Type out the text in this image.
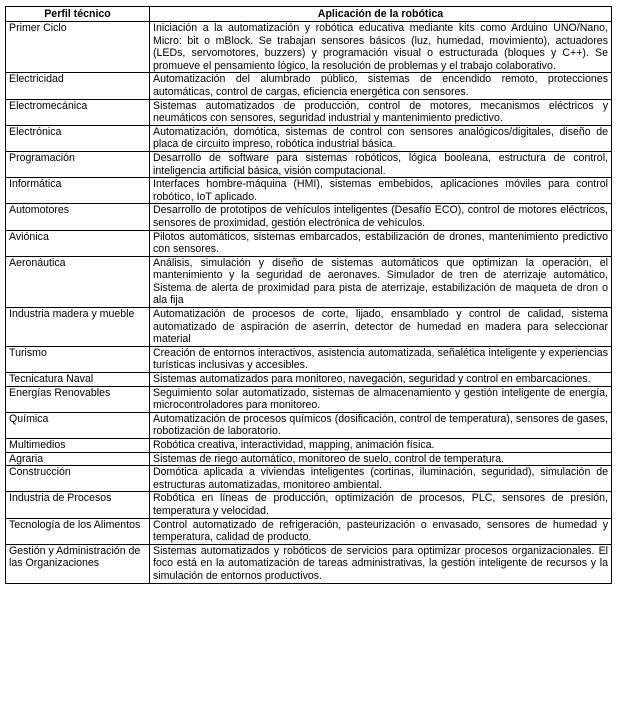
Perfil técnico	Aplicación de la robótica
Primer Ciclo	Iniciación a la automatización y robótica educativa mediante kits como Arduino UNO/Nano, Micro: bit o mBlock. Se trabajan sensores básicos (luz, humedad, movimiento), actuadores (LEDs, servomotores, buzzers) y programación visual o estructurada (bloques y C++). Se promueve el pensamiento lógico, la resolución de problemas y el trabajo colaborativo.
Electricidad	Automatización del alumbrado público, sistemas de encendido remoto, protecciones automáticas, control de cargas, eficiencia energética con sensores.
Electromecánica	Sistemas automatizados de producción, control de motores, mecanismos eléctricos y neumáticos con sensores, seguridad industrial y mantenimiento predictivo.
Electrónica	Automatización, domótica, sistemas de control con sensores analógicos/digitales, diseño de placa de circuito impreso, robótica industrial básica.
Programación	Desarrollo de software para sistemas robóticos, lógica booleana, estructura de control, inteligencia artificial básica, visión computacional.
Informática	Interfaces hombre-máquina (HMI), sistemas embebidos, aplicaciones móviles para control robótico, IoT aplicado.
Automotores	Desarrollo de prototipos de vehículos inteligentes (Desafío ECO), control de motores eléctricos, sensores de proximidad, gestión electrónica de vehículos.
Aviónica	Pilotos automáticos, sistemas embarcados, estabilización de drones, mantenimiento predictivo con sensores.
Aeronáutica	Análisis, simulación y diseño de sistemas automáticos que optimizan la operación, el mantenimiento y la seguridad de aeronaves. Simulador de tren de aterrizaje automático, Sistema de alerta de proximidad para pista de aterrizaje, estabilización de maqueta de dron o ala fija
Industria madera y mueble	Automatización de procesos de corte, lijado, ensamblado y control de calidad, sistema automatizado de aspiración de aserrín, detector de humedad en madera para seleccionar material
Turismo	Creación de entornos interactivos, asistencia automatizada, señalética inteligente y experiencias turísticas inclusivas y accesibles.
Tecnicatura Naval	Sistemas automatizados para monitoreo, navegación, seguridad y control en embarcaciones.
Energías Renovables	Seguimiento solar automatizado, sistemas de almacenamiento y gestión inteligente de energía, microcontroladores para monitoreo.
Química	Automatización de procesos químicos (dosificación, control de temperatura), sensores de gases, robotización de laboratorio.
Multimedios	Robótica creativa, interactividad, mapping, animación física.
Agraria	Sistemas de riego automático, monitoreo de suelo, control de temperatura.
Construcción	Domótica aplicada a viviendas inteligentes (cortinas, iluminación, seguridad), simulación de estructuras automatizadas, monitoreo ambiental.
Industria de Procesos	Robótica en líneas de producción, optimización de procesos, PLC, sensores de presión, temperatura y velocidad.
Tecnología de los Alimentos	Control automatizado de refrigeración, pasteurización o envasado, sensores de humedad y temperatura, calidad de producto.
Gestión y Administración de las Organizaciones	Sistemas automatizados y robóticos de servicios para optimizar procesos organizacionales. El foco está en la automatización de tareas administrativas, la gestión inteligente de recursos y la simulación de entornos productivos.
